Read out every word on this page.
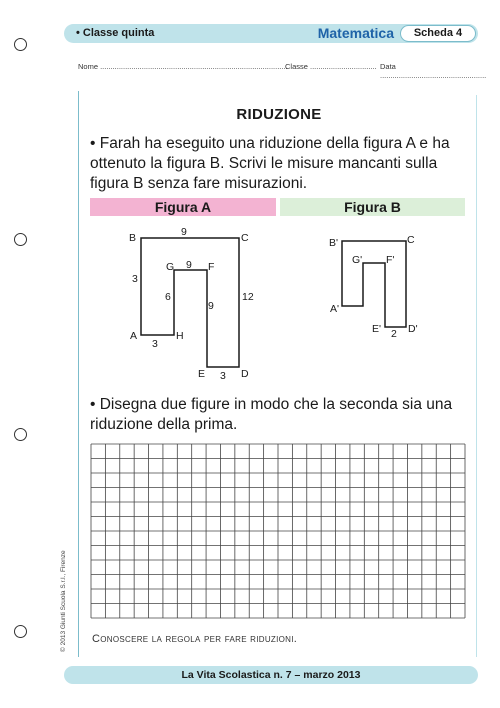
• Classe quinta	Matematica	Scheda 4
Nome ..........................................................................................
Classe ................................ Data ...................................................
RIDUZIONE
• Farah ha eseguito una riduzione della figura A e ha ottenuto la figura B. Scrivi le misure mancanti sulla figura B senza fare misurazioni.
Figura A	Figura B
B	C
G	F
A	H
E	D
9
3
9
6	12
9
3
3
B'	C
G' F'
A'
E'	D'
2
• Disegna due figure in modo che la seconda sia una riduzione della prima.
Conoscere la regola per fare riduzioni.
© 2013 Giunti Scuola S.r.l., Firenze
La Vita Scolastica n. 7 – marzo 2013
